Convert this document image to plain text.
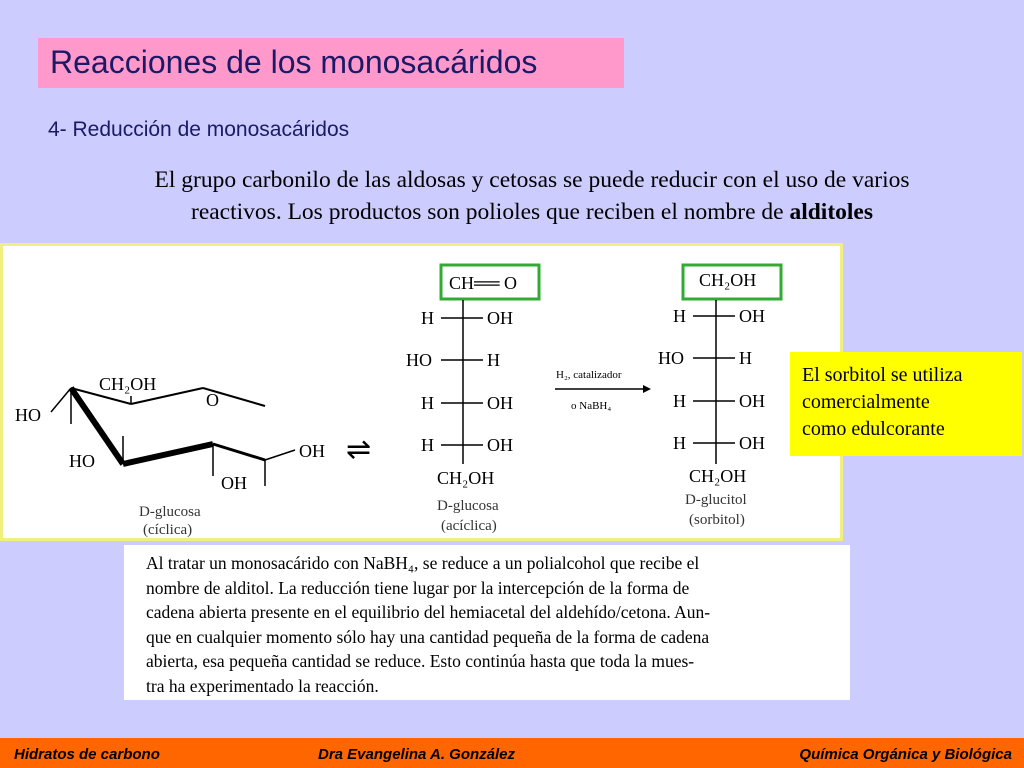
Reacciones de los monosacáridos
4- Reducción de monosacáridos
El grupo carbonilo de las aldosas y cetosas se puede reducir con el uso de varios
reactivos. Los productos son polioles que reciben el nombre de alditoles
CH₂OH
O
HO
HO	OH
OH
D-glucosa
(cíclica)
⇌
CH══ O
H	OH
HO	H
H	OH
H	OH
CH₂OH
D-glucosa
(acíclica)
H₂, catalizador
o NaBH₄
CH₂OH
H	OH
HO	H
H	OH
H	OH
CH₂OH
D-glucitol
(sorbitol)
El sorbitol se utiliza
comercialmente
como edulcorante
Al tratar un monosacárido con NaBH₄, se reduce a un polialcohol que recibe el
nombre de alditol. La reducción tiene lugar por la intercepción de la forma de
cadena abierta presente en el equilibrio del hemiacetal del aldehído/cetona. Aun-
que en cualquier momento sólo hay una cantidad pequeña de la forma de cadena
abierta, esa pequeña cantidad se reduce. Esto continúa hasta que toda la mues-
tra ha experimentado la reacción.
Hidratos de carbono	Dra Evangelina A. González	Química Orgánica y Biológica
